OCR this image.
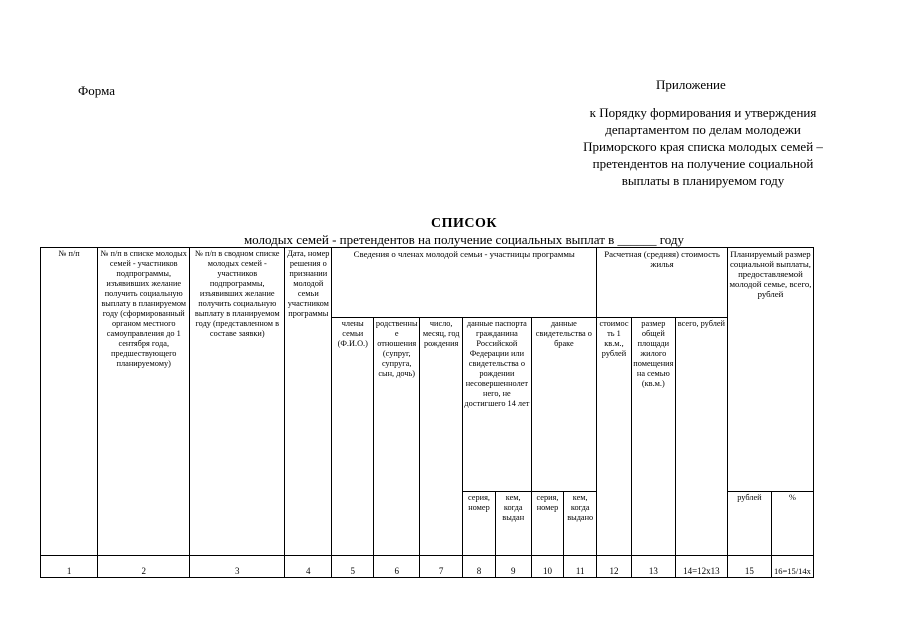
Форма	Приложение
к Порядку формирования и утверждения
департаментом по делам молодежи
Приморского края списка молодых семей –
претендентов на получение социальной
выплаты в планируемом году
СПИСОК
молодых семей - претендентов на получение социальных выплат в ______ году
№ п/п	№ п/п в списке молодых семей - участников подпрограммы, изъявивших желание получить социальную выплату в планируемом году (сформированный органом местного самоуправления до 1 сентября года, предшествующего планируемому)	№ п/п в сводном списке молодых семей - участников подпрограммы, изъявивших желание получить социальную выплату в планируемом году (представленном в составе заявки)	Дата, номер решения о признании молодой семьи участником программы	Сведения о членах молодой семьи - участницы программы							Расчетная (средняя) стоимость жилья			Планируемый размер социальной выплаты, предоставляемой молодой семье, всего, рублей	
				члены семьи (Ф.И.О.)	родственные отношения (супруг, супруга, сын, дочь)	число, месяц, год рождения	данные паспорта гражданина Российской Федерации или свидетельства о рождении несовершеннолетнего, не достигшего 14 лет		данные свидетельства о браке		стоимость 1 кв.м., рублей	размер общей площади жилого помещения на семью (кв.м.)	всего, рублей		
							серия, номер	кем, когда выдан	серия, номер	кем, когда выдано				рублей	%
1	2	3	4	5	6	7	8	9	10	11	12	13	14=12х13	15	16=15/14х
